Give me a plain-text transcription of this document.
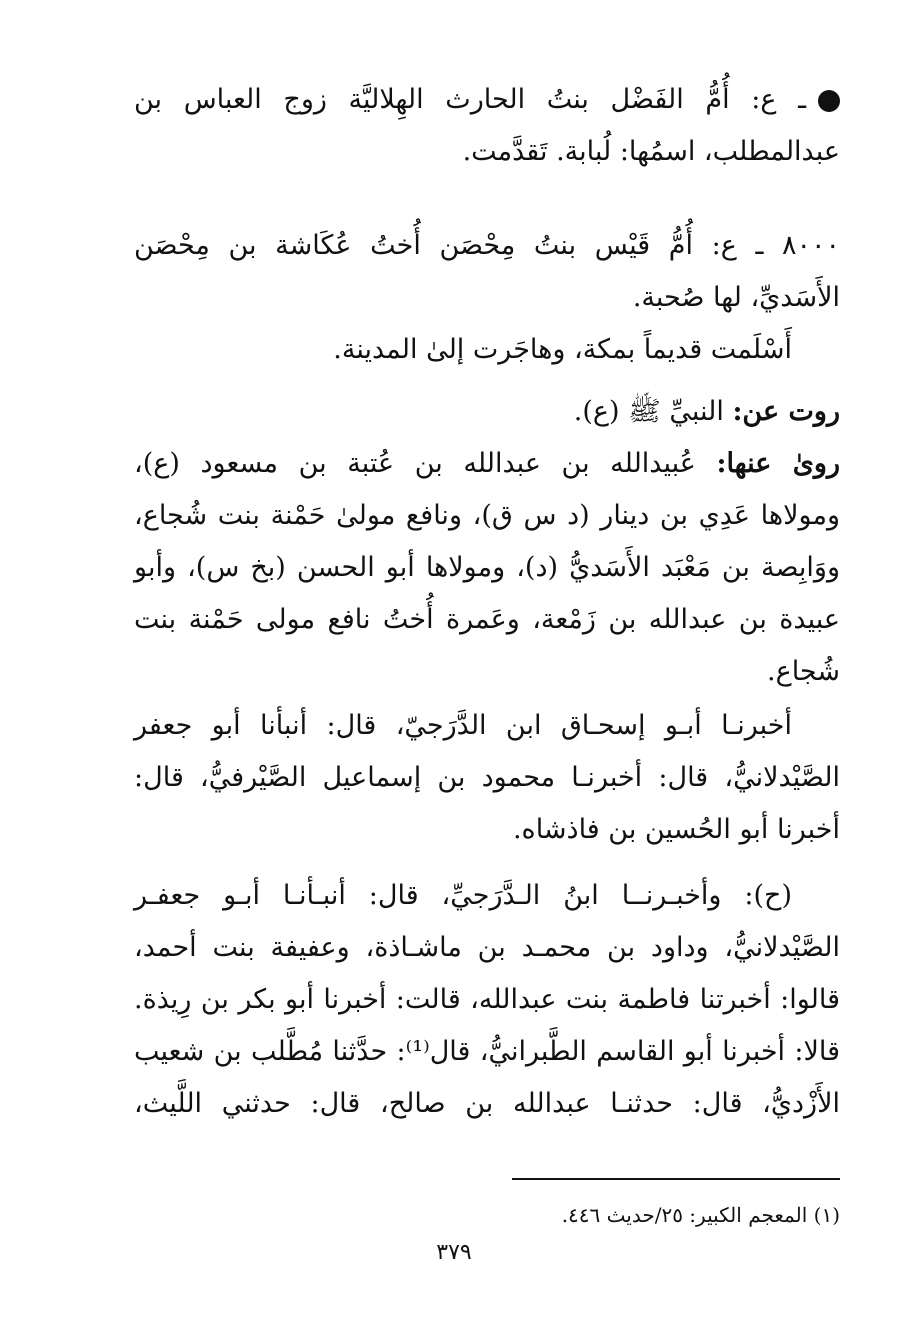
ـ ع: أُمُّ الفَضْل بنتُ الحارث الهِلاليَّة زوج العباس بن
عبدالمطلب، اسمُها: لُبابة. تَقدَّمت.
٨٠٠٠ ـ ع: أُمُّ قَيْس بنتُ مِحْصَن أُختُ عُكَاشة بن مِحْصَن
الأَسَديِّ، لها صُحبة.
أَسْلَمت قديماً بمكة، وهاجَرت إلىٰ المدينة.
روت عن: النبيِّ ﷺ (ع).
روىٰ عنها: عُبيدالله بن عبدالله بن عُتبة بن مسعود (ع)،
ومولاها عَدِي بن دينار (د س ق)، ونافع مولىٰ حَمْنة بنت شُجاع،
ووَابِصة بن مَعْبَد الأَسَديُّ (د)، ومولاها أبو الحسن (بخ س)، وأبو
عبيدة بن عبدالله بن زَمْعة، وعَمرة أُختُ نافع مولى حَمْنة بنت
شُجاع.
أخبرنـا أبـو إسحـاق ابن الدَّرَجيّ، قال: أنبأنا أبو جعفر
الصَّيْدلانيُّ، قال: أخبرنـا محمود بن إسماعيل الصَّيْرفيُّ، قال:
أخبرنا أبو الحُسين بن فاذشاه.
(ح): وأخبـرنــا ابنُ الـدَّرَجيِّ، قال: أنبـأنـا أبـو جعفـر
الصَّيْدلانيُّ، وداود بن محمـد بن ماشـاذة، وعفيفة بنت أحمد،
قالوا: أخبرتنا فاطمة بنت عبدالله، قالت: أخبرنا أبو بكر بن رِيذة.
قالا: أخبرنا أبو القاسم الطَّبرانيُّ، قال⁽¹⁾: حدَّثنا مُطَّلب بن شعيب
الأَزْديُّ، قال: حدثنـا عبدالله بن صالح، قال: حدثني اللَّيث،
(١) المعجم الكبير: ٢٥/حديث ٤٤٦.
٣٧٩
